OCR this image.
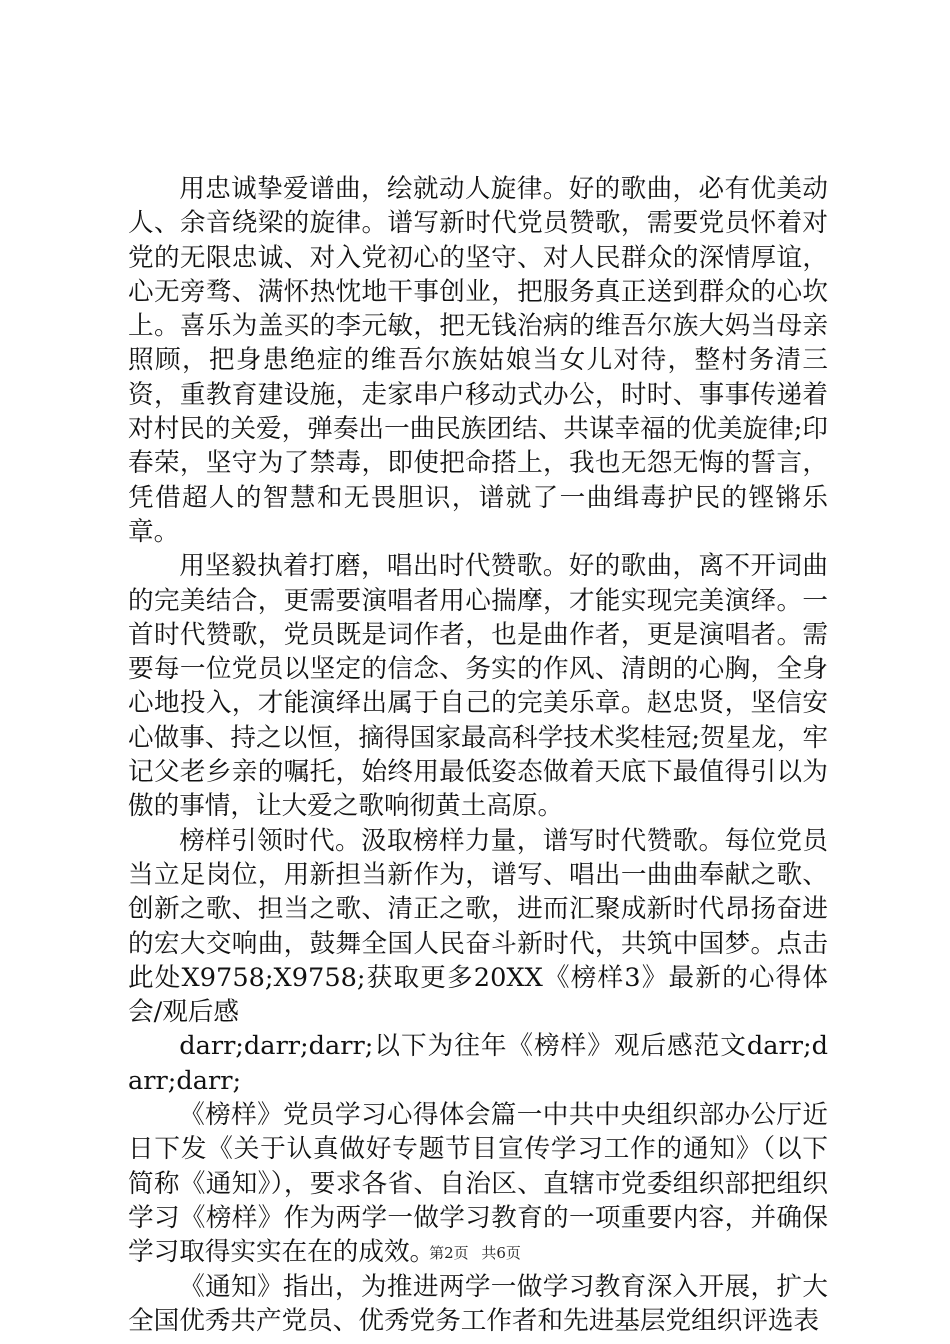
用忠诚挚爱谱曲，绘就动人旋律。好的歌曲，必有优美动人、余音绕梁的旋律。谱写新时代党员赞歌，需要党员怀着对党的无限忠诚、对入党初心的坚守、对人民群众的深情厚谊，心无旁骛、满怀热忱地干事创业，把服务真正送到群众的心坎上。喜乐为盖买的李元敏，把无钱治病的维吾尔族大妈当母亲照顾，把身患绝症的维吾尔族姑娘当女儿对待，整村务清三资，重教育建设施，走家串户移动式办公，时时、事事传递着对村民的关爱，弹奏出一曲民族团结、共谋幸福的优美旋律;印春荣，坚守为了禁毒，即使把命搭上，我也无怨无悔的誓言，凭借超人的智慧和无畏胆识，谱就了一曲缉毒护民的铿锵乐章。

用坚毅执着打磨，唱出时代赞歌。好的歌曲，离不开词曲的完美结合，更需要演唱者用心揣摩，才能实现完美演绎。一首时代赞歌，党员既是词作者，也是曲作者，更是演唱者。需要每一位党员以坚定的信念、务实的作风、清朗的心胸，全身心地投入，才能演绎出属于自己的完美乐章。赵忠贤，坚信安心做事、持之以恒，摘得国家最高科学技术奖桂冠;贺星龙，牢记父老乡亲的嘱托，始终用最低姿态做着天底下最值得引以为傲的事情，让大爱之歌响彻黄土高原。

榜样引领时代。汲取榜样力量，谱写时代赞歌。每位党员当立足岗位，用新担当新作为，谱写、唱出一曲曲奉献之歌、创新之歌、担当之歌、清正之歌，进而汇聚成新时代昂扬奋进的宏大交响曲，鼓舞全国人民奋斗新时代，共筑中国梦。点击此处X9758;X9758;获取更多20XX《榜样3》最新的心得体会/观后感

darr;darr;darr;以下为往年《榜样》观后感范文darr;darr;darr;

《榜样》党员学习心得体会篇一中共中央组织部办公厅近日下发《关于认真做好专题节目宣传学习工作的通知》（以下简称《通知》），要求各省、自治区、直辖市党委组织部把组织学习《榜样》作为两学一做学习教育的一项重要内容，并确保学习取得实实在在的成效。

《通知》指出，为推进两学一做学习教育深入开展，扩大全国优秀共产党员、优秀党务工作者和先进基层党组织评选表

第2页 共6页
